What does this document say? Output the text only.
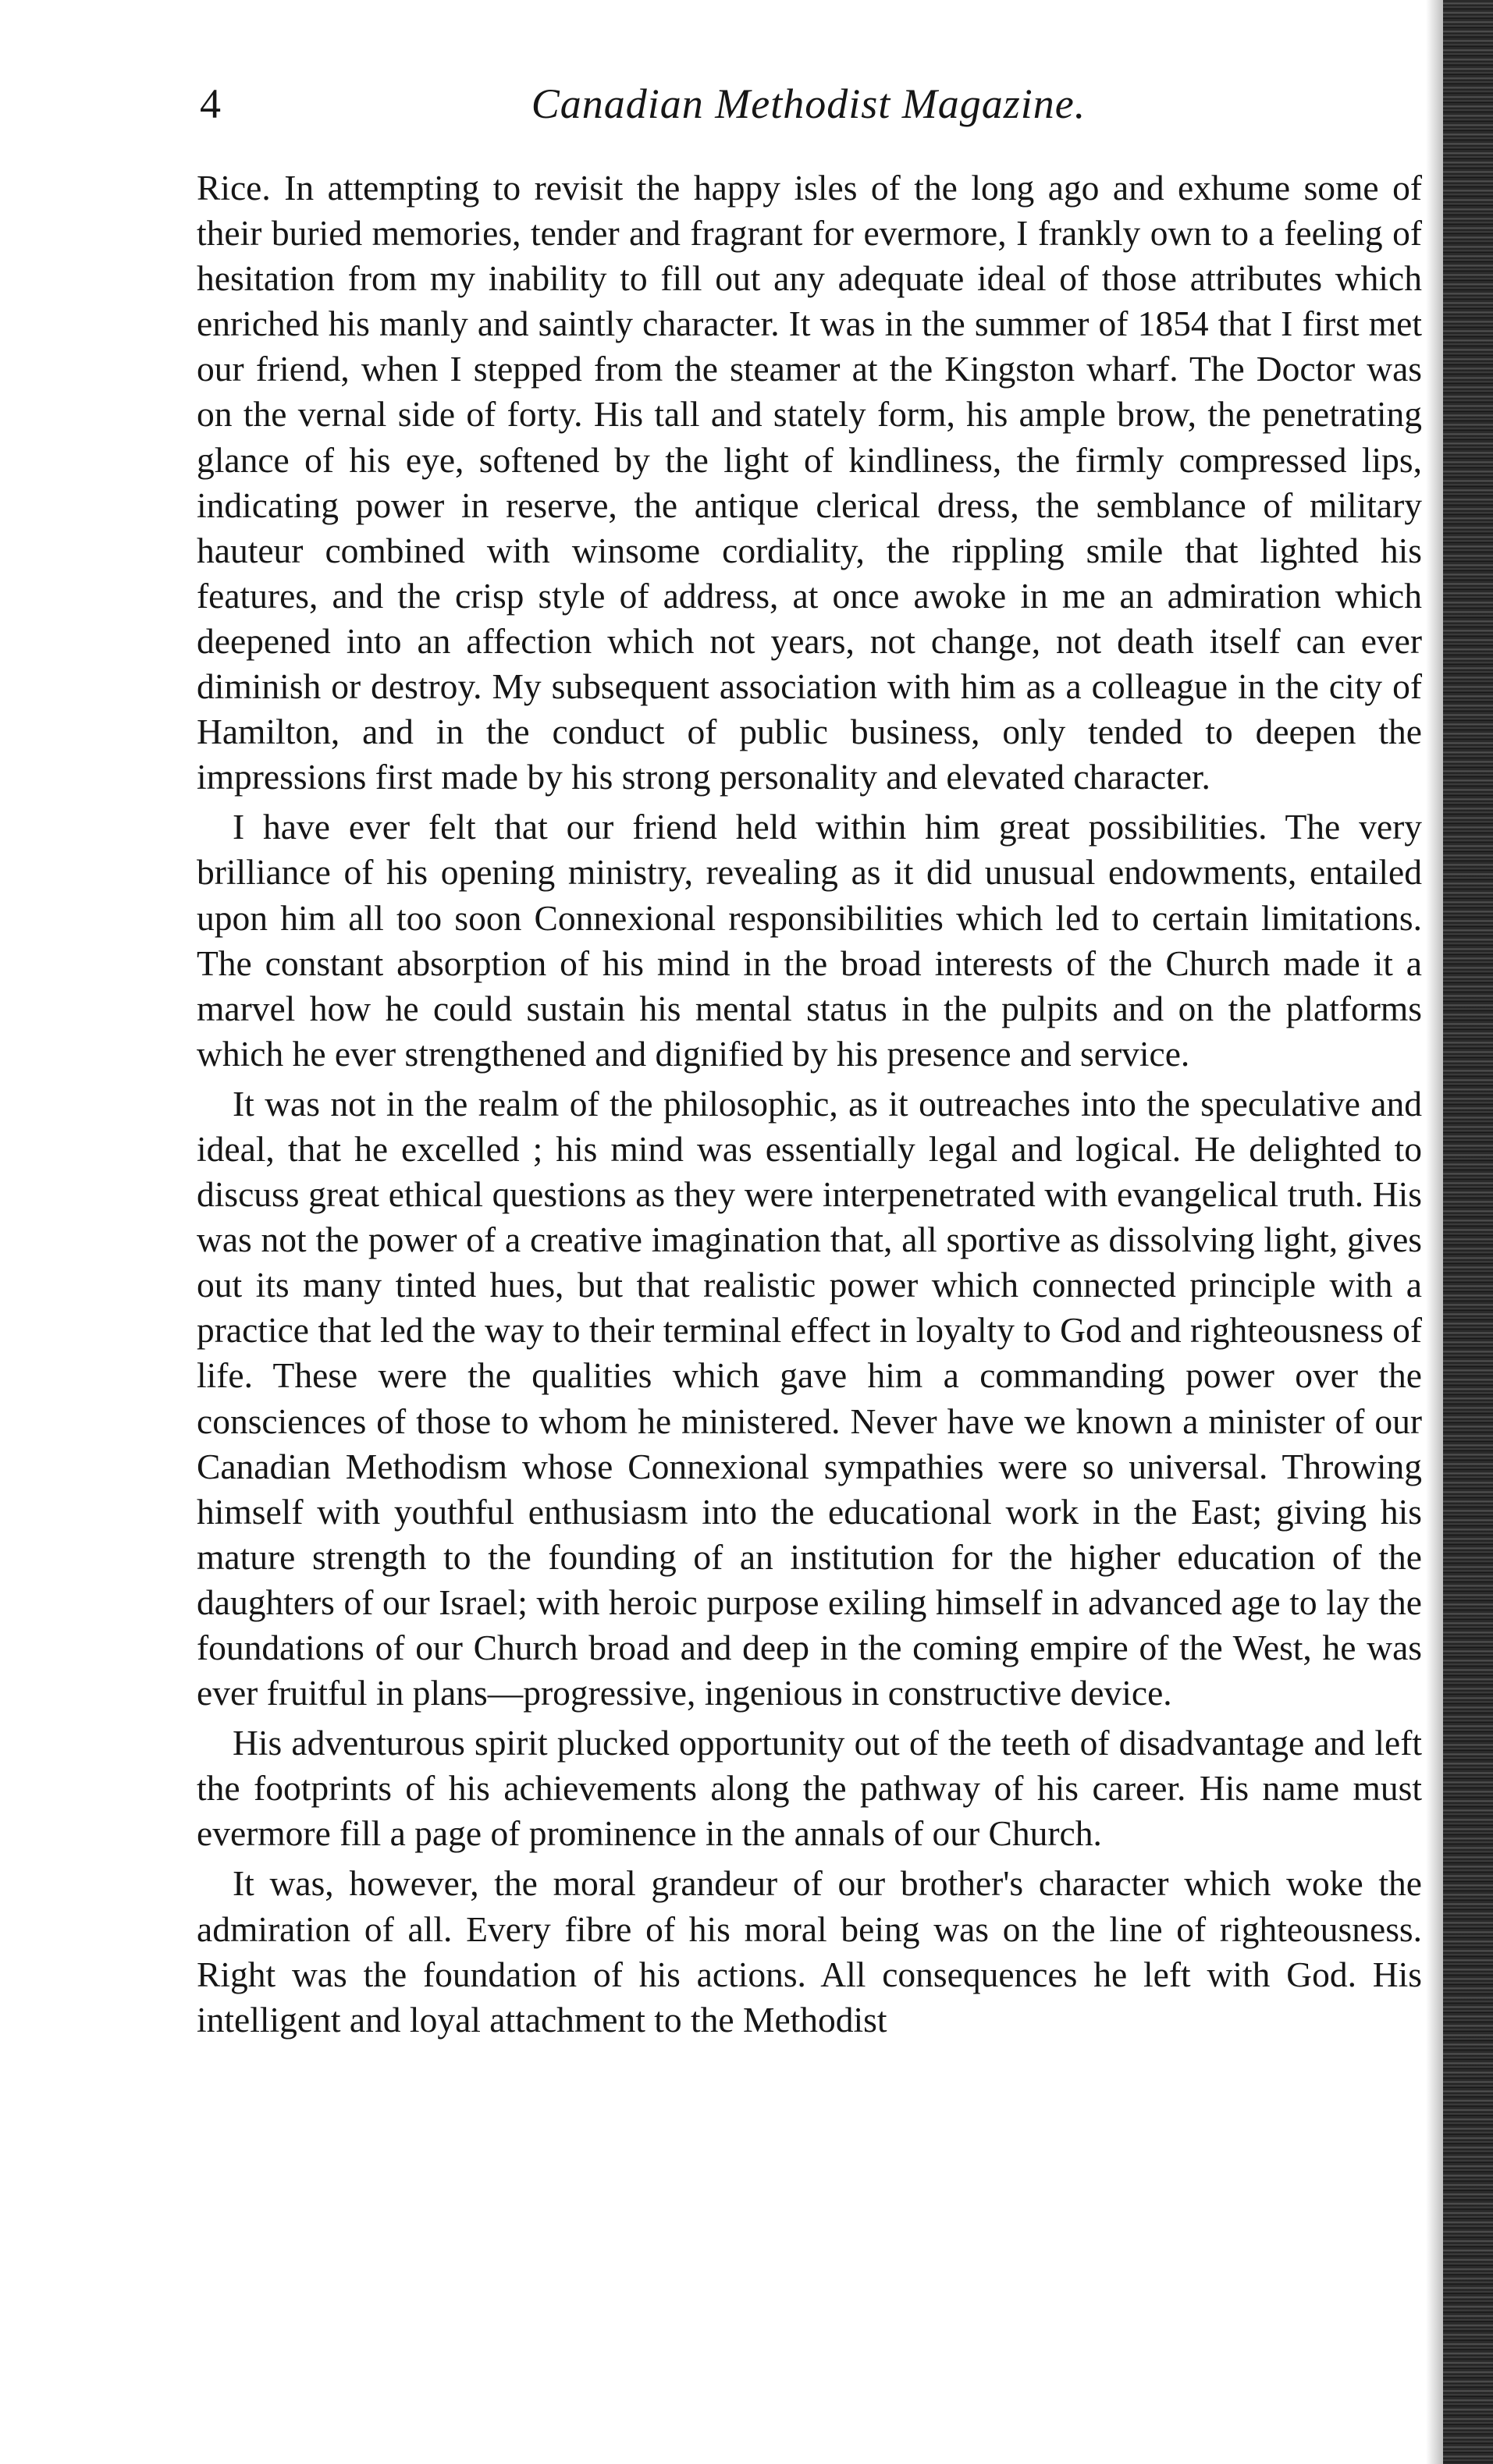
4	Canadian Methodist Magazine.

Rice. In attempting to revisit the happy isles of the long ago and exhume some of their buried memories, tender and fragrant for evermore, I frankly own to a feeling of hesitation from my inability to fill out any adequate ideal of those attributes which enriched his manly and saintly character. It was in the summer of 1854 that I first met our friend, when I stepped from the steamer at the Kingston wharf. The Doctor was on the vernal side of forty. His tall and stately form, his ample brow, the penetrating glance of his eye, softened by the light of kindliness, the firmly compressed lips, indicating power in reserve, the antique clerical dress, the semblance of military hauteur combined with winsome cordiality, the rippling smile that lighted his features, and the crisp style of address, at once awoke in me an admiration which deepened into an affection which not years, not change, not death itself can ever diminish or destroy. My subsequent association with him as a colleague in the city of Hamilton, and in the conduct of public business, only tended to deepen the impressions first made by his strong personality and elevated character.

I have ever felt that our friend held within him great possibilities. The very brilliance of his opening ministry, revealing as it did unusual endowments, entailed upon him all too soon Connexional responsibilities which led to certain limitations. The constant absorption of his mind in the broad interests of the Church made it a marvel how he could sustain his mental status in the pulpits and on the platforms which he ever strengthened and dignified by his presence and service.

It was not in the realm of the philosophic, as it outreaches into the speculative and ideal, that he excelled ; his mind was essentially legal and logical. He delighted to discuss great ethical questions as they were interpenetrated with evangelical truth. His was not the power of a creative imagination that, all sportive as dissolving light, gives out its many tinted hues, but that realistic power which connected principle with a practice that led the way to their terminal effect in loyalty to God and righteousness of life. These were the qualities which gave him a commanding power over the consciences of those to whom he ministered. Never have we known a minister of our Canadian Methodism whose Connexional sympathies were so universal. Throwing himself with youthful enthusiasm into the educational work in the East; giving his mature strength to the founding of an institution for the higher education of the daughters of our Israel; with heroic purpose exiling himself in advanced age to lay the foundations of our Church broad and deep in the coming empire of the West, he was ever fruitful in plans—progressive, ingenious in constructive device.

His adventurous spirit plucked opportunity out of the teeth of disadvantage and left the footprints of his achievements along the pathway of his career. His name must evermore fill a page of prominence in the annals of our Church.

It was, however, the moral grandeur of our brother's character which woke the admiration of all. Every fibre of his moral being was on the line of righteousness. Right was the foundation of his actions. All consequences he left with God. His intelligent and loyal attachment to the Methodist
